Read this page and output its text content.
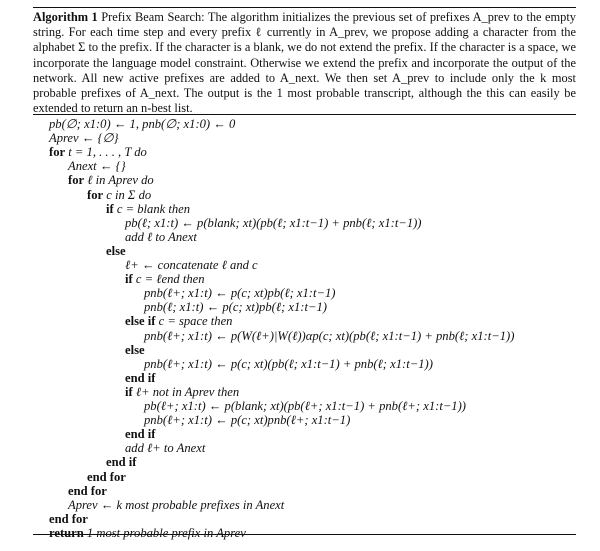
Algorithm 1 Prefix Beam Search: The algorithm initializes the previous set of prefixes A_prev to the empty string. For each time step and every prefix ℓ currently in A_prev, we propose adding a character from the alphabet Σ to the prefix. If the character is a blank, we do not extend the prefix. If the character is a space, we incorporate the language model constraint. Otherwise we extend the prefix and incorporate the output of the network. All new active prefixes are added to A_next. We then set A_prev to include only the k most probable prefixes of A_next. The output is the 1 most probable transcript, although the this can easily be extended to return an n-best list.
pb(∅; x1:0) ← 1, pnb(∅; x1:0) ← 0
Aprev ← {∅}
for t = 1, . . . , T do
Anext ← {}
for ℓ in Aprev do
for c in Σ do
if c = blank then
pb(ℓ; x1:t) ← p(blank; xt)(pb(ℓ; x1:t−1) + pnb(ℓ; x1:t−1))
add ℓ to Anext
else
ℓ+ ← concatenate ℓ and c
if c = ℓend then
pnb(ℓ+; x1:t) ← p(c; xt)pb(ℓ; x1:t−1)
pnb(ℓ; x1:t) ← p(c; xt)pb(ℓ; x1:t−1)
else if c = space then
pnb(ℓ+; x1:t) ← p(W(ℓ+)|W(ℓ))αp(c; xt)(pb(ℓ; x1:t−1) + pnb(ℓ; x1:t−1))
else
pnb(ℓ+; x1:t) ← p(c; xt)(pb(ℓ; x1:t−1) + pnb(ℓ; x1:t−1))
end if
if ℓ+ not in Aprev then
pb(ℓ+; x1:t) ← p(blank; xt)(pb(ℓ+; x1:t−1) + pnb(ℓ+; x1:t−1))
pnb(ℓ+; x1:t) ← p(c; xt)pnb(ℓ+; x1:t−1)
end if
add ℓ+ to Anext
end if
end for
end for
Aprev ← k most probable prefixes in Anext
end for
return 1 most probable prefix in Aprev
